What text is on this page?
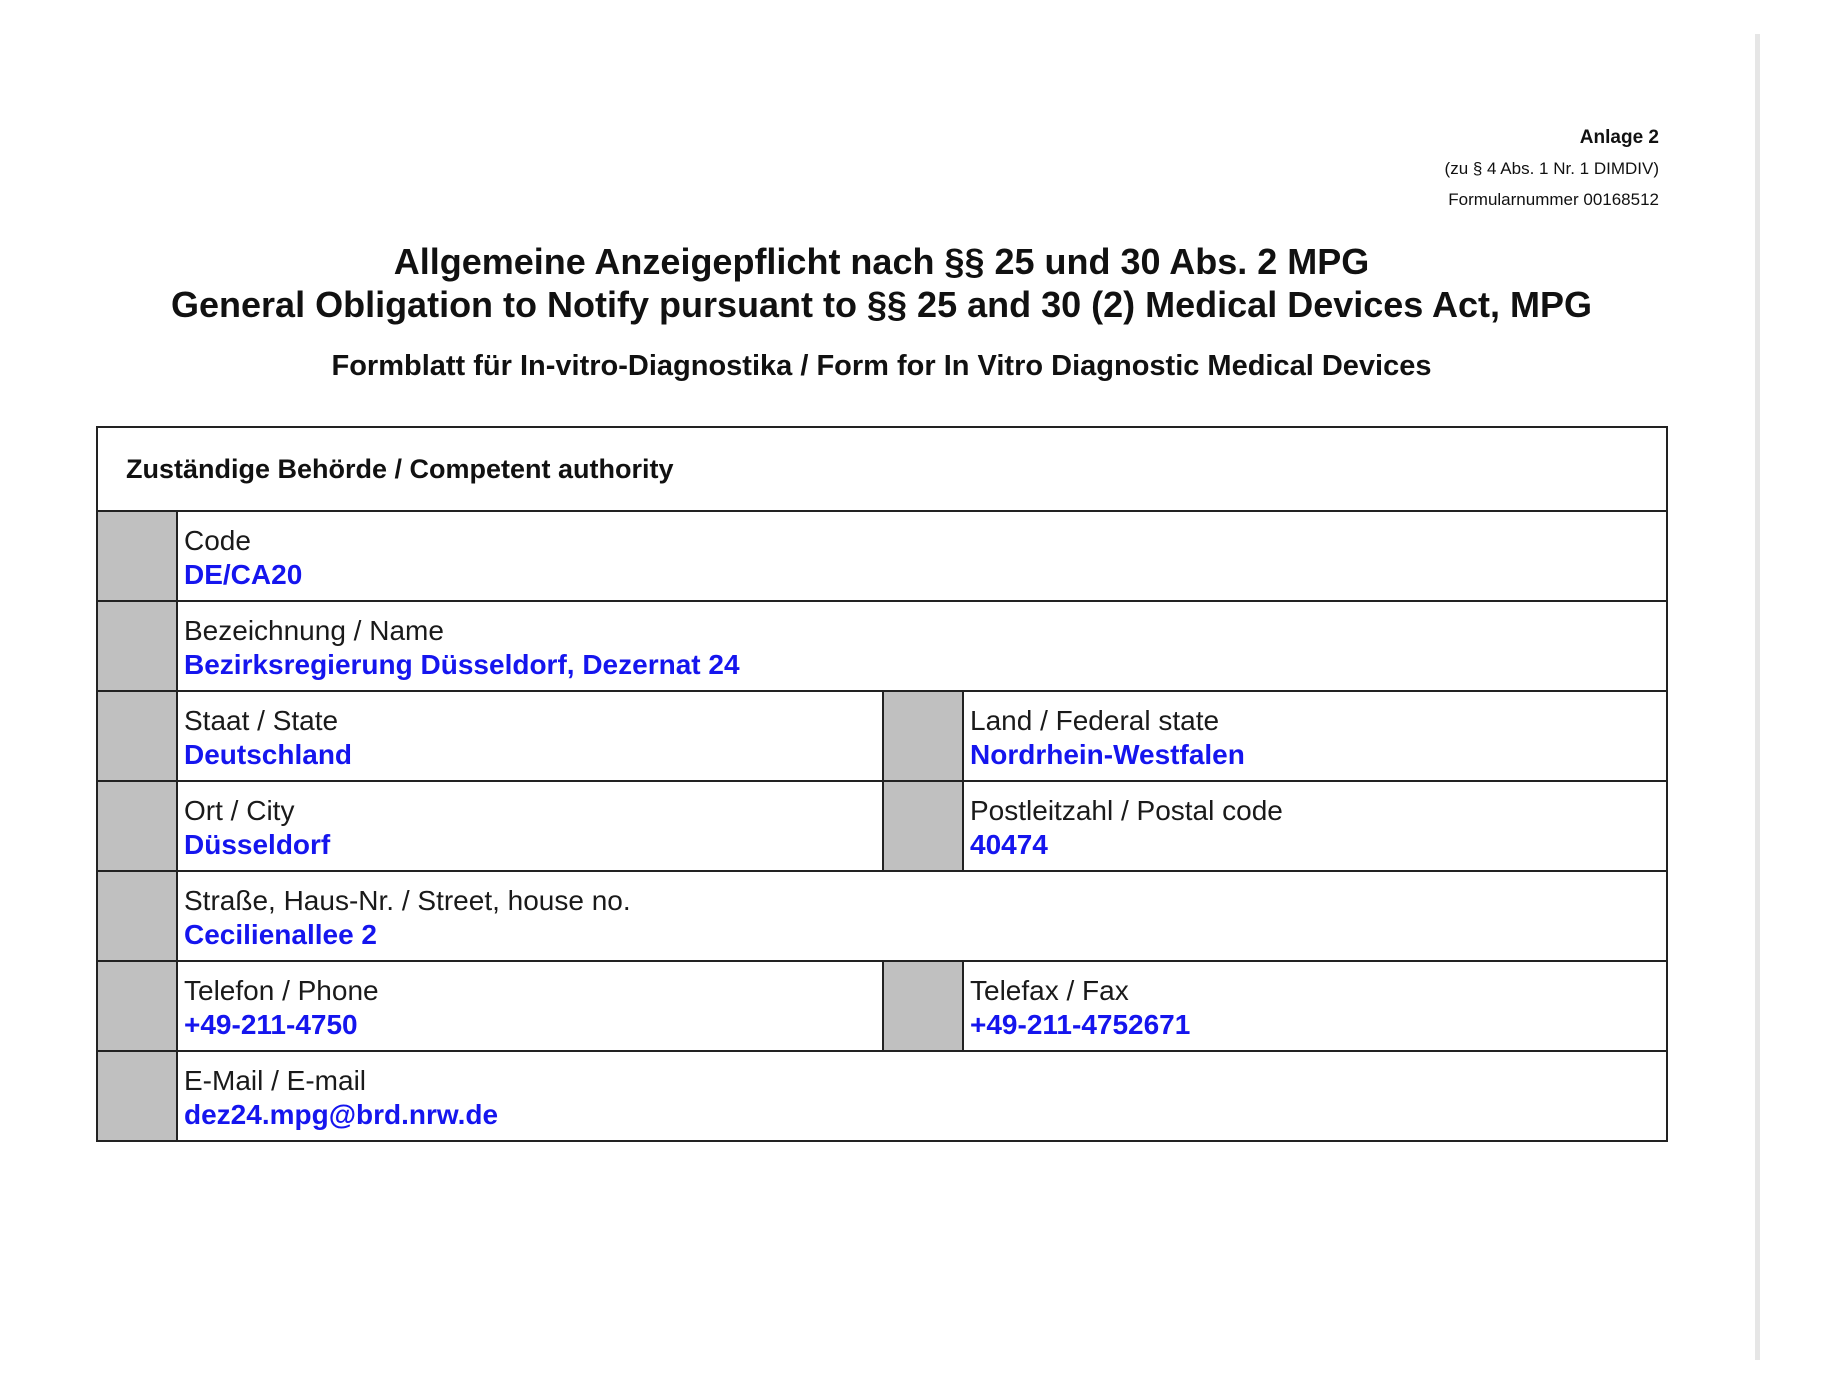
Anlage 2
(zu § 4 Abs. 1 Nr. 1 DIMDIV)
Formularnummer 00168512
Allgemeine Anzeigepflicht nach §§ 25 und 30 Abs. 2 MPG
General Obligation to Notify pursuant to §§ 25 and 30 (2) Medical Devices Act, MPG
Formblatt für In-vitro-Diagnostika / Form for In Vitro Diagnostic Medical Devices
Zuständige Behörde / Competent authority
Code
DE/CA20
Bezeichnung / Name
Bezirksregierung Düsseldorf, Dezernat 24
Staat / State
Deutschland
Land / Federal state
Nordrhein-Westfalen
Ort / City
Düsseldorf
Postleitzahl / Postal code
40474
Straße, Haus-Nr. / Street, house no.
Cecilienallee 2
Telefon / Phone
+49-211-4750
Telefax / Fax
+49-211-4752671
E-Mail / E-mail
dez24.mpg@brd.nrw.de
